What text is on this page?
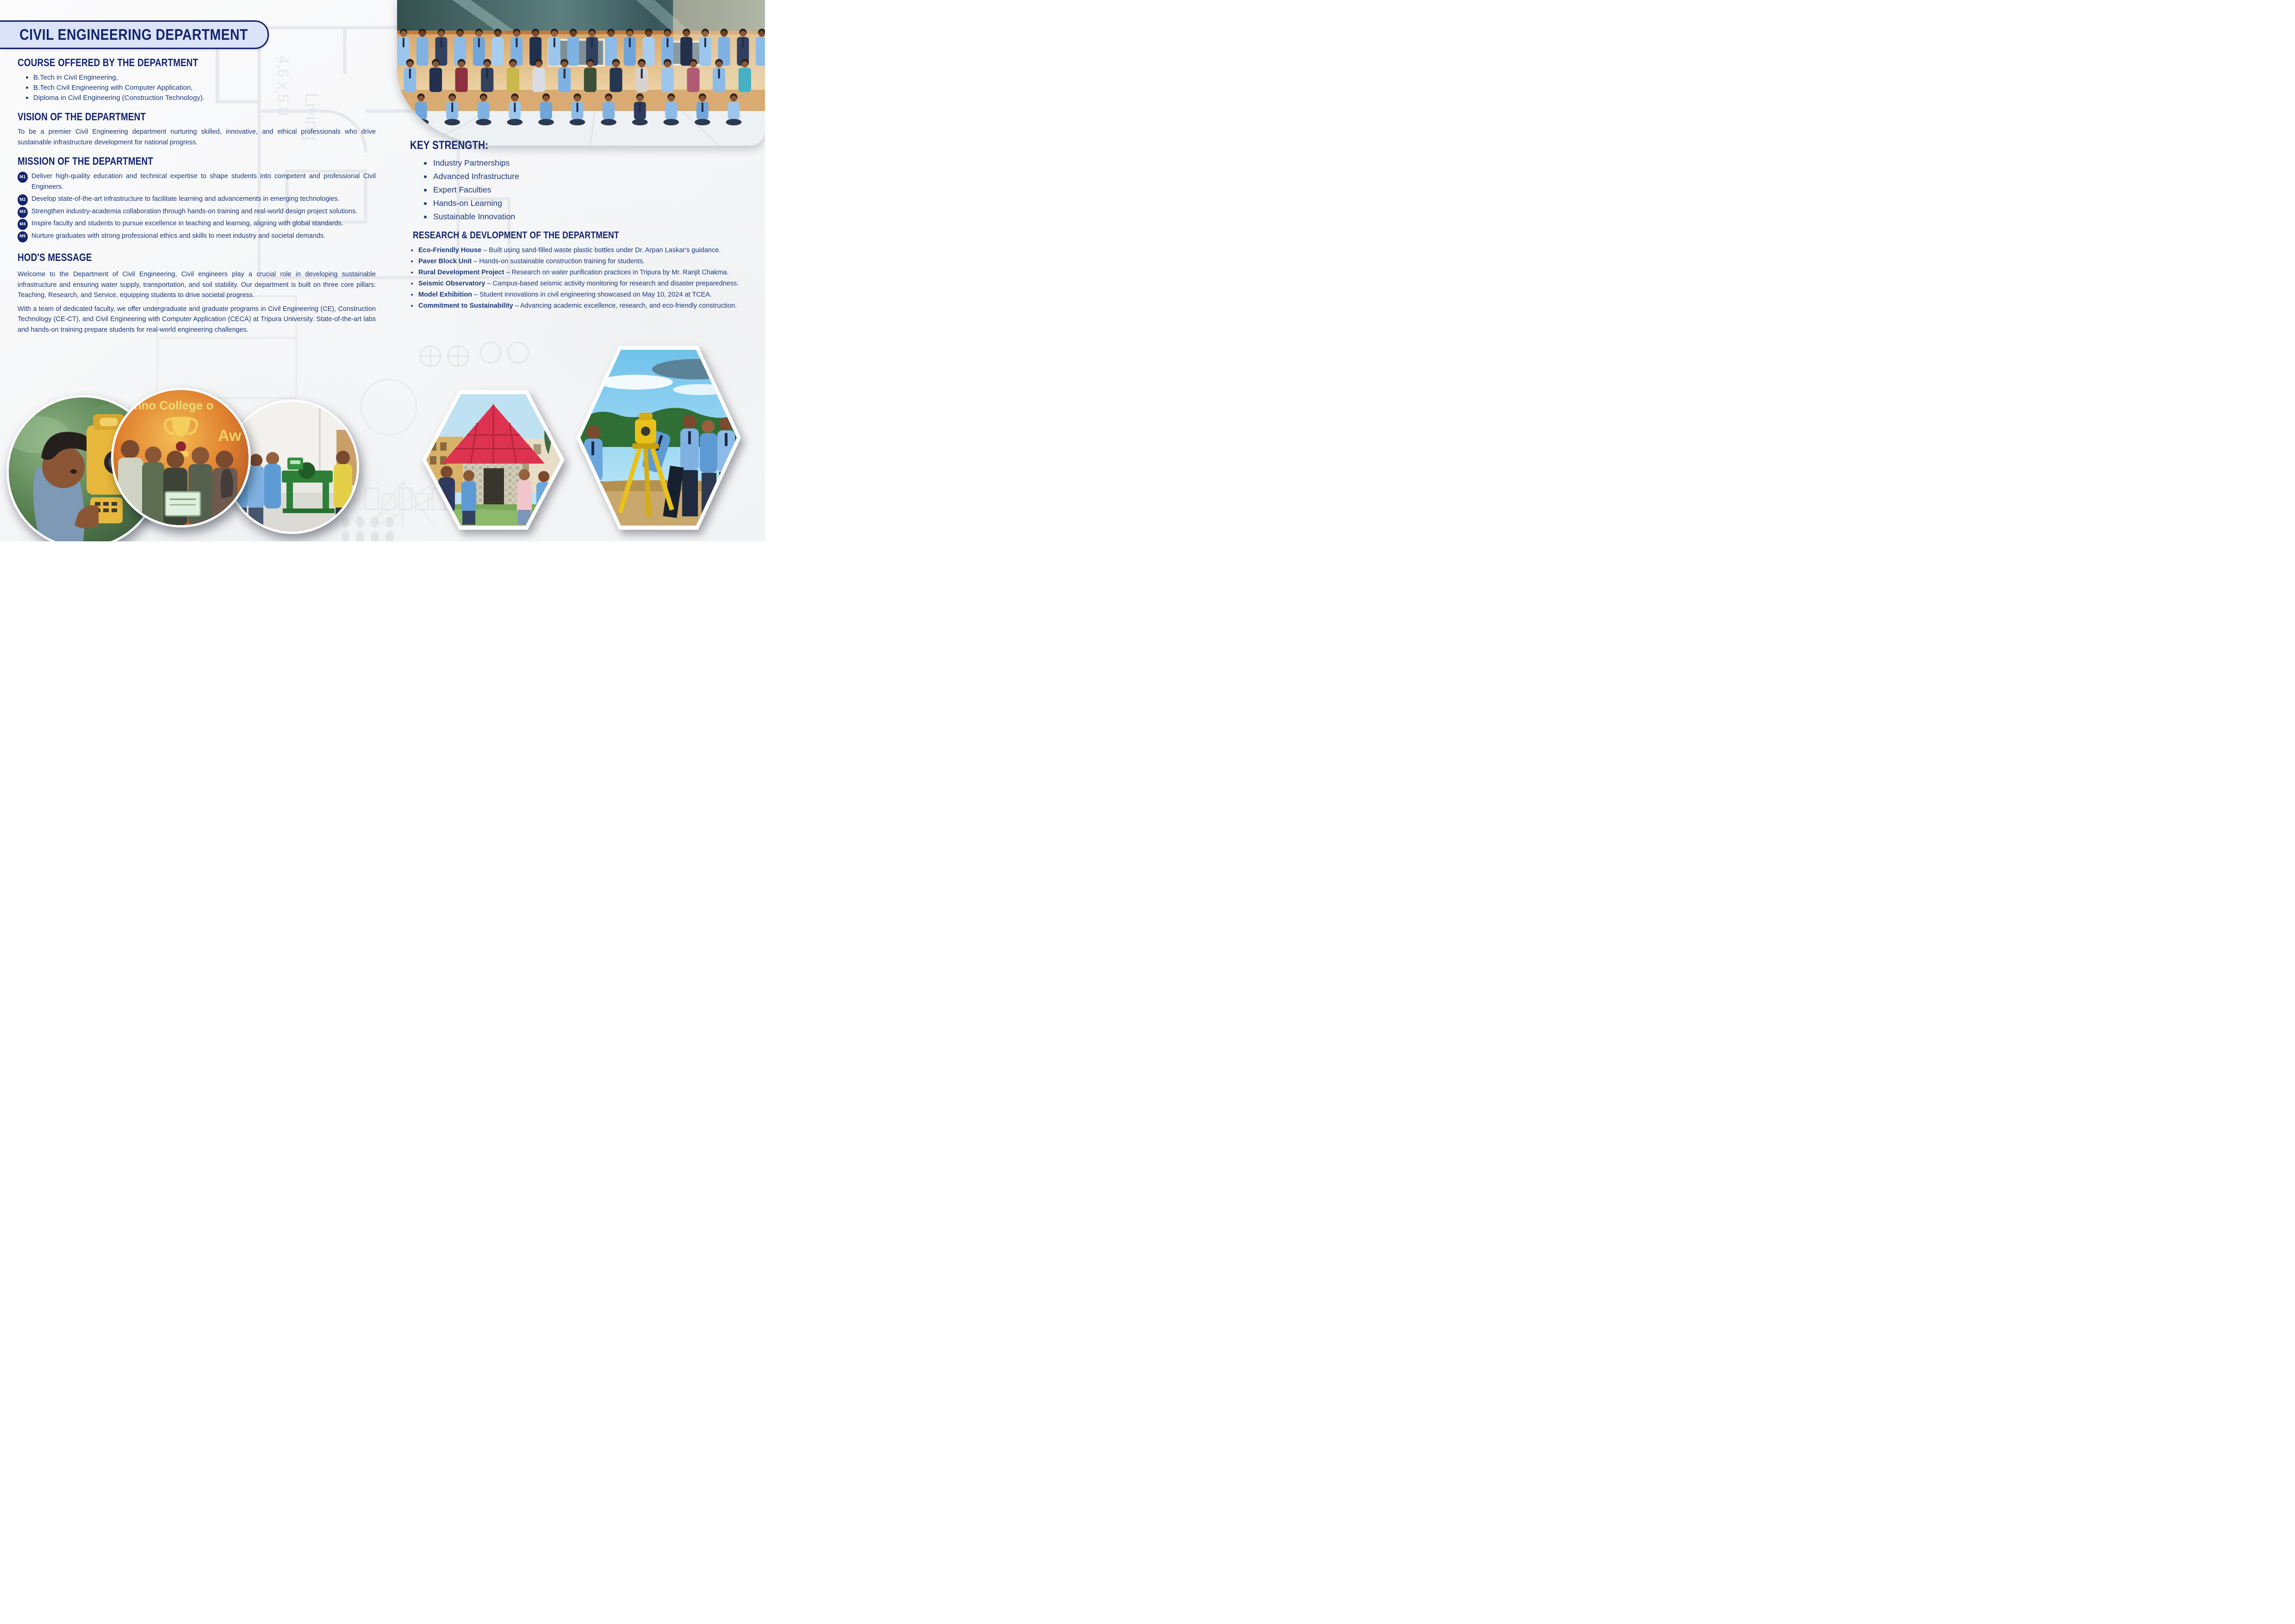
Living
4.6 x 5.8
CIVIL ENGINEERING DEPARTMENT
COURSE OFFERED BY THE DEPARTMENT
B.Tech in Civil Engineering,
B.Tech Civil Engineering with Computer Application,
Diploma in Civil Engineering (Construction Technology).
VISION OF THE DEPARTMENT

To be a premier Civil Engineering department nurturing skilled, innovative, and ethical professionals who drive sustainable infrastructure development for national progress.

MISSION OF THE DEPARTMENT
M1 Deliver high-quality education and technical expertise to shape students into competent and professional Civil Engineers.
M2 Develop state-of-the-art infrastructure to facilitate learning and advancements in emerging technologies.
M3 Strengthen industry-academia collaboration through hands-on training and real-world design project solutions.
M4 Inspire faculty and students to pursue excellence in teaching and learning, aligning with global standards.
M5 Nurture graduates with strong professional ethics and skills to meet industry and societal demands.
HOD'S MESSAGE

Welcome to the Department of Civil Engineering, Civil engineers play a crucial role in developing sustainable infrastructure and ensuring water supply, transportation, and soil stability. Our department is built on three core pillars: Teaching, Research, and Service, equipping students to drive societal progress.

With a team of dedicated faculty, we offer undergraduate and graduate programs in Civil Engineering (CE), Construction Technology (CE-CT), and Civil Engineering with Computer Application (CECA) at Tripura University. State-of-the-art labs and hands-on training prepare students for real-world engineering challenges.

KEY STRENGTH:
Industry Partnerships
Advanced Infrastructure
Expert Faculties
Hands-on Learning
Sustainable Innovation
RESEARCH & DEVLOPMENT OF THE DEPARTMENT
Eco-Friendly House – Built using sand-filled waste plastic bottles under Dr. Arpan Laskar's guidance.
Paver Block Unit – Hands-on sustainable construction training for students.
Rural Development Project – Research on water purification practices in Tripura by Mr. Ranjit Chakma.
Seismic Observatory – Campus-based seismic activity monitoring for research and disaster preparedness.
Model Exhibition – Student innovations in civil engineering showcased on May 10, 2024 at TCEA.
Commitment to Sustainability – Advancing academic excellence, research, and eco-friendly construction.
chno College o
Aw
